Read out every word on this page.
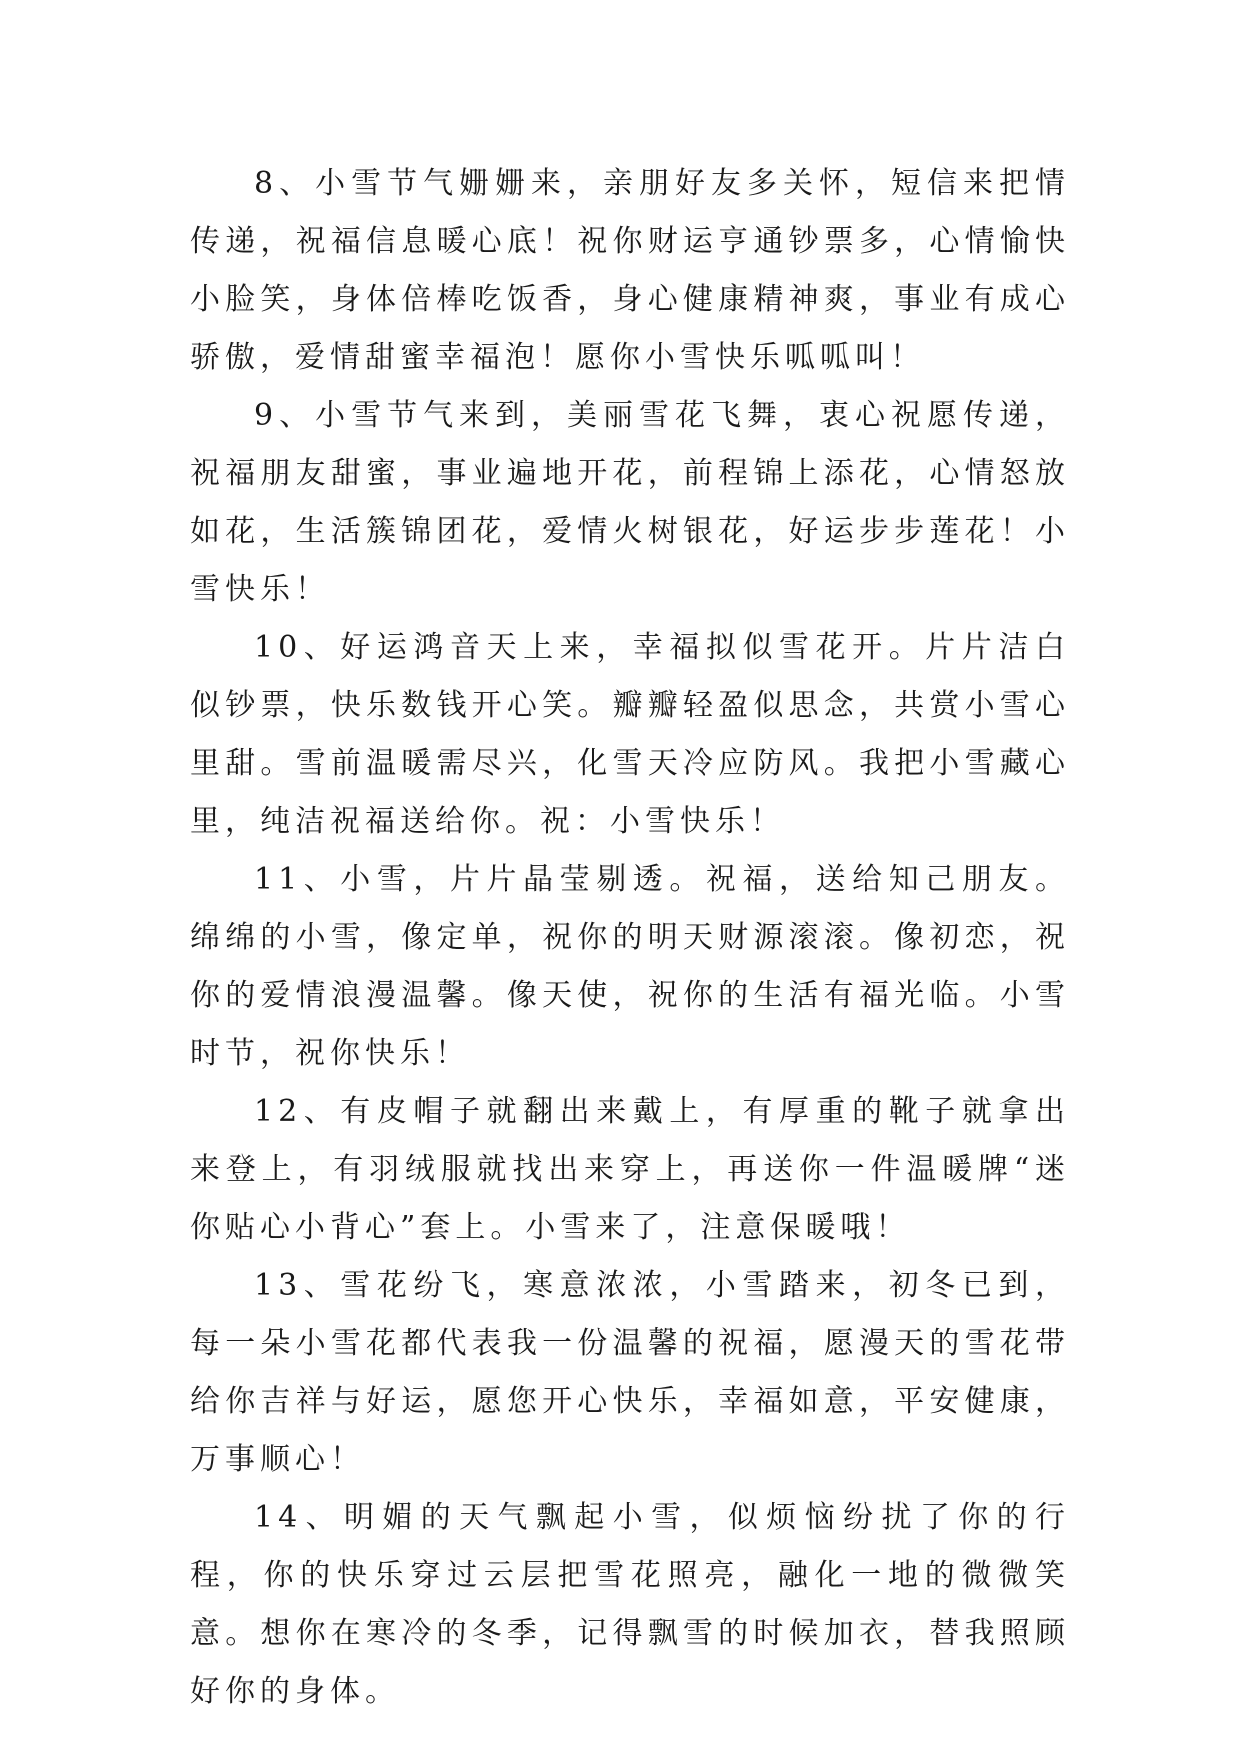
8、小雪节气姗姗来，亲朋好友多关怀，短信来把情传递，祝福信息暖心底！祝你财运亨通钞票多，心情愉快小脸笑，身体倍棒吃饭香，身心健康精神爽，事业有成心骄傲，爱情甜蜜幸福泡！愿你小雪快乐呱呱叫！

9、小雪节气来到，美丽雪花飞舞，衷心祝愿传递，祝福朋友甜蜜，事业遍地开花，前程锦上添花，心情怒放如花，生活簇锦团花，爱情火树银花，好运步步莲花！小雪快乐！

10、好运鸿音天上来，幸福拟似雪花开。片片洁白似钞票，快乐数钱开心笑。瓣瓣轻盈似思念，共赏小雪心里甜。雪前温暖需尽兴，化雪天冷应防风。我把小雪藏心里，纯洁祝福送给你。祝：小雪快乐！

11、小雪，片片晶莹剔透。祝福，送给知己朋友。绵绵的小雪，像定单，祝你的明天财源滚滚。像初恋，祝你的爱情浪漫温馨。像天使，祝你的生活有福光临。小雪时节，祝你快乐！

12、有皮帽子就翻出来戴上，有厚重的靴子就拿出来登上，有羽绒服就找出来穿上，再送你一件温暖牌“迷你贴心小背心”套上。小雪来了，注意保暖哦！

13、雪花纷飞，寒意浓浓，小雪踏来，初冬已到，每一朵小雪花都代表我一份温馨的祝福，愿漫天的雪花带给你吉祥与好运，愿您开心快乐，幸福如意，平安健康，万事顺心！

14、明媚的天气飘起小雪，似烦恼纷扰了你的行程，你的快乐穿过云层把雪花照亮，融化一地的微微笑意。想你在寒冷的冬季，记得飘雪的时候加衣，替我照顾好你的身体。
